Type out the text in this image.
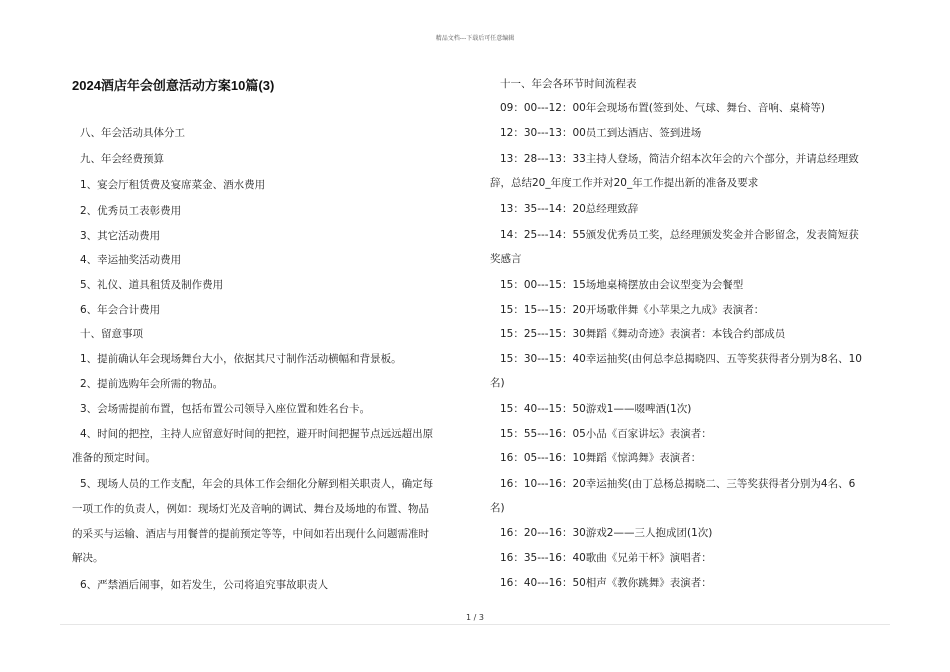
精品文档---下载后可任意编辑
2024酒店年会创意活动方案10篇(3)
八、年会活动具体分工
九、年会经费预算
1、宴会厅租赁费及宴席菜金、酒水费用
2、优秀员工表彰费用
3、其它活动费用
4、幸运抽奖活动费用
5、礼仪、道具租赁及制作费用
6、年会合计费用
十、留意事项
1、提前确认年会现场舞台大小，依据其尺寸制作活动横幅和背景板。
2、提前选购年会所需的物品。
3、会场需提前布置，包括布置公司领导入座位置和姓名台卡。
4、时间的把控，主持人应留意好时间的把控，避开时间把握节点远远超出原
准备的预定时间。
5、现场人员的工作支配，年会的具体工作会细化分解到相关职责人，确定每
一项工作的负责人，例如：现场灯光及音响的调试、舞台及场地的布置、物品
的采买与运输、酒店与用餐普的提前预定等等，中间如若出现什么问题需准时
解决。
6、严禁酒后闹事，如若发生，公司将追究事故职责人
十一、年会各环节时间流程表
09：00---12：00年会现场布置(签到处、气球、舞台、音响、桌椅等)
12：30---13：00员工到达酒店、签到进场
13：28---13：33主持人登场，简洁介绍本次年会的六个部分，并请总经理致
辞，总结20_年度工作并对20_年工作提出新的准备及要求
13：35---14：20总经理致辞
14：25---14：55颁发优秀员工奖，总经理颁发奖金并合影留念，发表简短获
奖感言
15：00---15：15场地桌椅摆放由会议型变为会餐型
15：15---15：20开场歌伴舞《小苹果之九成》表演者：
15：25---15：30舞蹈《舞动奇迹》表演者：本钱合约部成员
15：30---15：40幸运抽奖(由何总李总揭晓四、五等奖获得者分别为8名、10
名)
15：40---15：50游戏1——啜啤酒(1次)
15：55---16：05小品《百家讲坛》表演者：
16：05---16：10舞蹈《惊鸿舞》表演者：
16：10---16：20幸运抽奖(由丁总杨总揭晓二、三等奖获得者分别为4名、6
名)
16：20---16：30游戏2——三人抱成团(1次)
16：35---16：40歌曲《兄弟干杯》演唱者：
16：40---16：50相声《教你跳舞》表演者：
1 / 3
